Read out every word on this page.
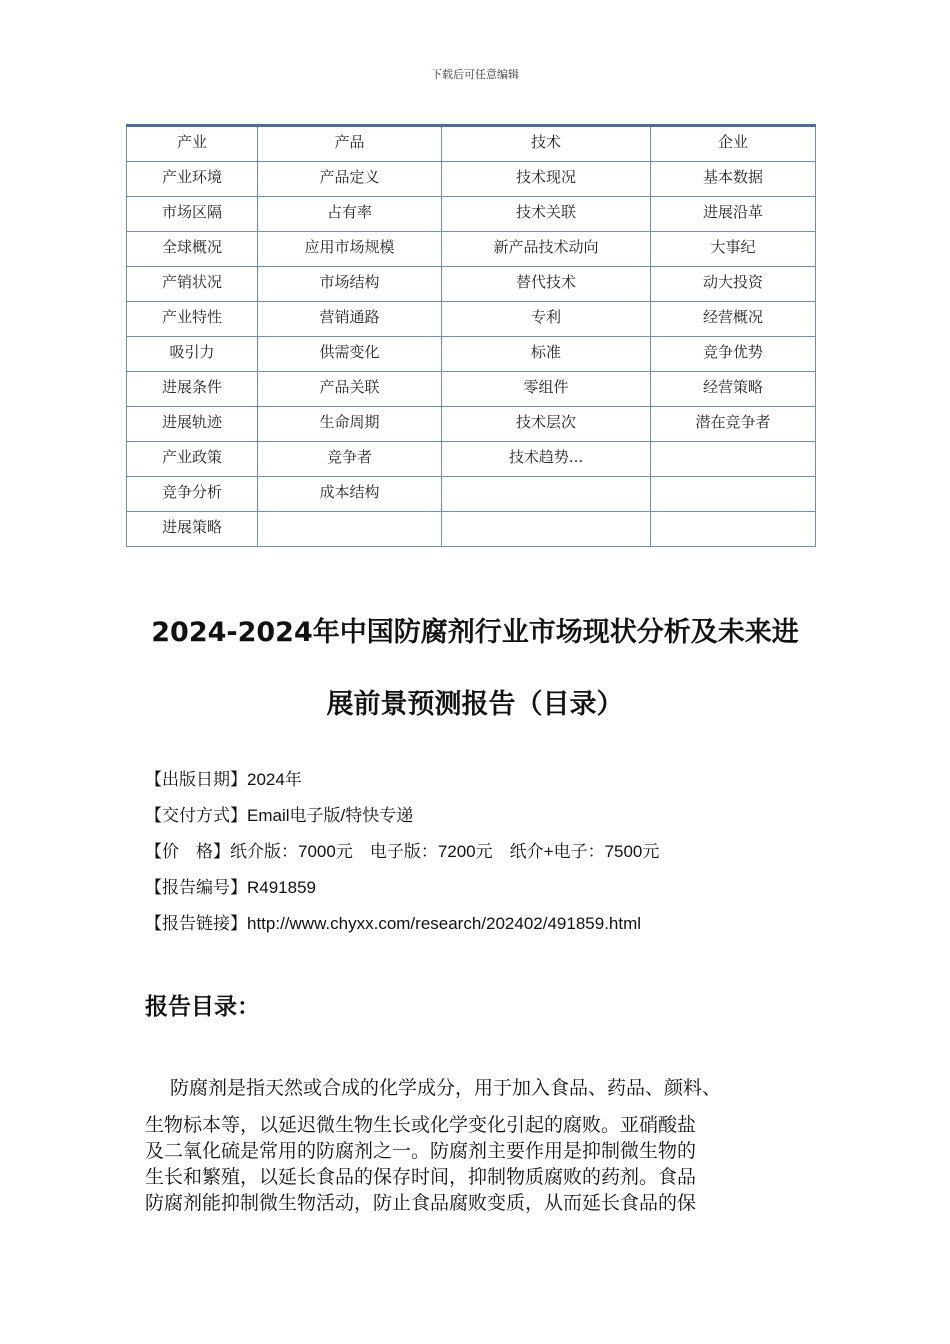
下载后可任意编辑
产业	产品	技术	企业
产业环境	产品定义	技术现况	基本数据
市场区隔	占有率	技术关联	进展沿革
全球概况	应用市场规模	新产品技术动向	大事纪
产销状况	市场结构	替代技术	动大投资
产业特性	营销通路	专利	经营概况
吸引力	供需变化	标准	竞争优势
进展条件	产品关联	零组件	经营策略
进展轨迹	生命周期	技术层次	潜在竞争者
产业政策	竞争者	技术趋势...	
竞争分析	成本结构		
进展策略			
2024-2024年中国防腐剂行业市场现状分析及未来进
展前景预测报告（目录）
【出版日期】2024年
【交付方式】Email电子版/特快专递
【价　格】纸介版：7000元　电子版：7200元　纸介+电子：7500元
【报告编号】R491859
【报告链接】http://www.chyxx.com/research/202402/491859.html
报告目录：
防腐剂是指天然或合成的化学成分，用于加入食品、药品、颜料、
生物标本等，以延迟微生物生长或化学变化引起的腐败。亚硝酸盐
及二氧化硫是常用的防腐剂之一。防腐剂主要作用是抑制微生物的
生长和繁殖，以延长食品的保存时间，抑制物质腐败的药剂。食品
防腐剂能抑制微生物活动，防止食品腐败变质，从而延长食品的保
